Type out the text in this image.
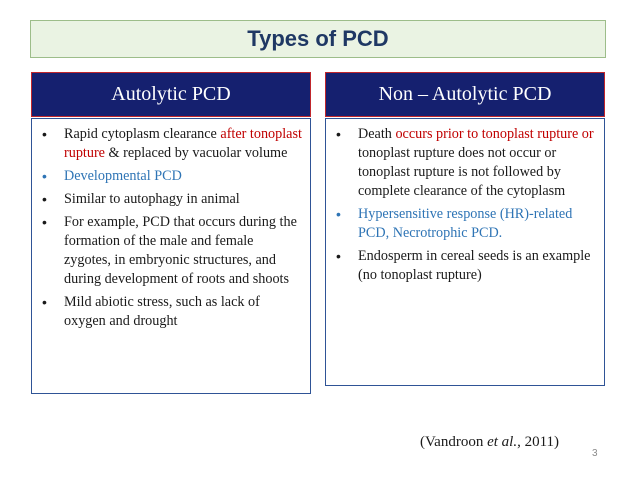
Types of PCD
Autolytic PCD	Non – Autolytic PCD
• Rapid cytoplasm clearance after tonoplast rupture & replaced by vacuolar volume
• Developmental PCD
• Similar to autophagy in animal
• For example, PCD that occurs during the formation of the male and female zygotes, in embryonic structures, and during development of roots and shoots
• Mild abiotic stress, such as lack of oxygen and drought
• Death occurs prior to tonoplast rupture or tonoplast rupture does not occur or tonoplast rupture is not followed by complete clearance of the cytoplasm
• Hypersensitive response (HR)-related PCD, Necrotrophic PCD.
• Endosperm in cereal seeds is an example (no tonoplast rupture)
(Vandroon et al., 2011)
3
